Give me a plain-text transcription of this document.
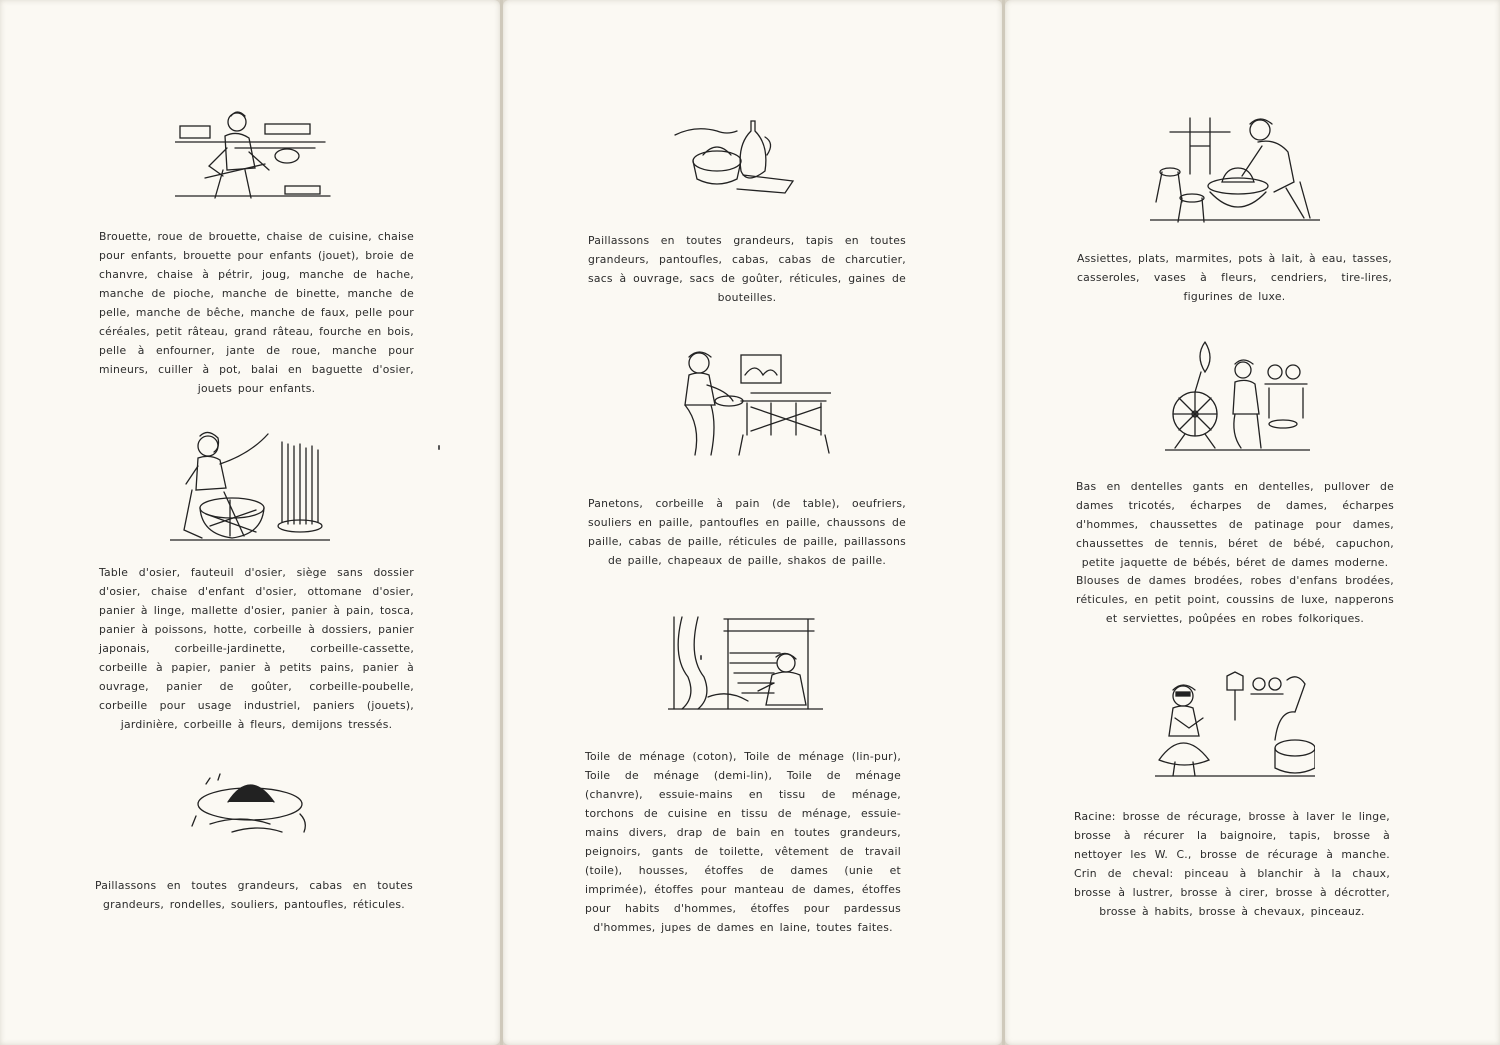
Brouette, roue de brouette, chaise de cuisine, chaise pour enfants, brouette pour enfants (jouet), broie de chanvre, chaise à pétrir, joug, manche de hache, manche de pioche, manche de binette, manche de pelle, manche de bêche, manche de faux, pelle pour céréales, petit râteau, grand râteau, fourche en bois, pelle à enfourner, jante de roue, manche pour mineurs, cuiller à pot, balai en baguette d'osier, jouets pour enfants.

Table d'osier, fauteuil d'osier, siège sans dossier d'osier, chaise d'enfant d'osier, ottomane d'osier, panier à linge, mallette d'osier, panier à pain, tosca, panier à poissons, hotte, corbeille à dossiers, panier japonais, corbeille-jardinette, corbeille-cassette, corbeille à papier, panier à petits pains, panier à ouvrage, panier de goûter, corbeille-poubelle, corbeille pour usage industriel, paniers (jouets), jardinière, corbeille à fleurs, demijons tressés.

Paillassons en toutes grandeurs, cabas en toutes grandeurs, rondelles, souliers, pantoufles, réticules.

Paillassons en toutes grandeurs, tapis en toutes grandeurs, pantoufles, cabas, cabas de charcutier, sacs à ouvrage, sacs de goûter, réticules, gaines de bouteilles.

Panetons, corbeille à pain (de table), oeufriers, souliers en paille, pantoufles en paille, chaussons de paille, cabas de paille, réticules de paille, paillassons de paille, chapeaux de paille, shakos de paille.

Toile de ménage (coton), Toile de ménage (lin-pur), Toile de ménage (demi-lin), Toile de ménage (chanvre), essuie-mains en tissu de ménage, torchons de cuisine en tissu de ménage, essuie-mains divers, drap de bain en toutes grandeurs, peignoirs, gants de toilette, vêtement de travail (toile), housses, étoffes de dames (unie et imprimée), étoffes pour manteau de dames, étoffes pour habits d'hommes, étoffes pour pardessus d'hommes, jupes de dames en laine, toutes faites.

Assiettes, plats, marmites, pots à lait, à eau, tasses, casseroles, vases à fleurs, cendriers, tire-lires, figurines de luxe.

Bas en dentelles gants en dentelles, pullover de dames tricotés, écharpes de dames, écharpes d'hommes, chaussettes de patinage pour dames, chaussettes de tennis, béret de bébé, capuchon, petite jaquette de bébés, béret de dames moderne.

Blouses de dames brodées, robes d'enfans brodées, réticules, en petit point, coussins de luxe, napperons et serviettes, poûpées en robes folkoriques.

Racine: brosse de récurage, brosse à laver le linge, brosse à récurer la baignoire, tapis, brosse à nettoyer les W. C., brosse de récurage à manche. Crin de cheval: pinceau à blanchir à la chaux, brosse à lustrer, brosse à cirer, brosse à décrotter, brosse à habits, brosse à chevaux, pinceauz.
